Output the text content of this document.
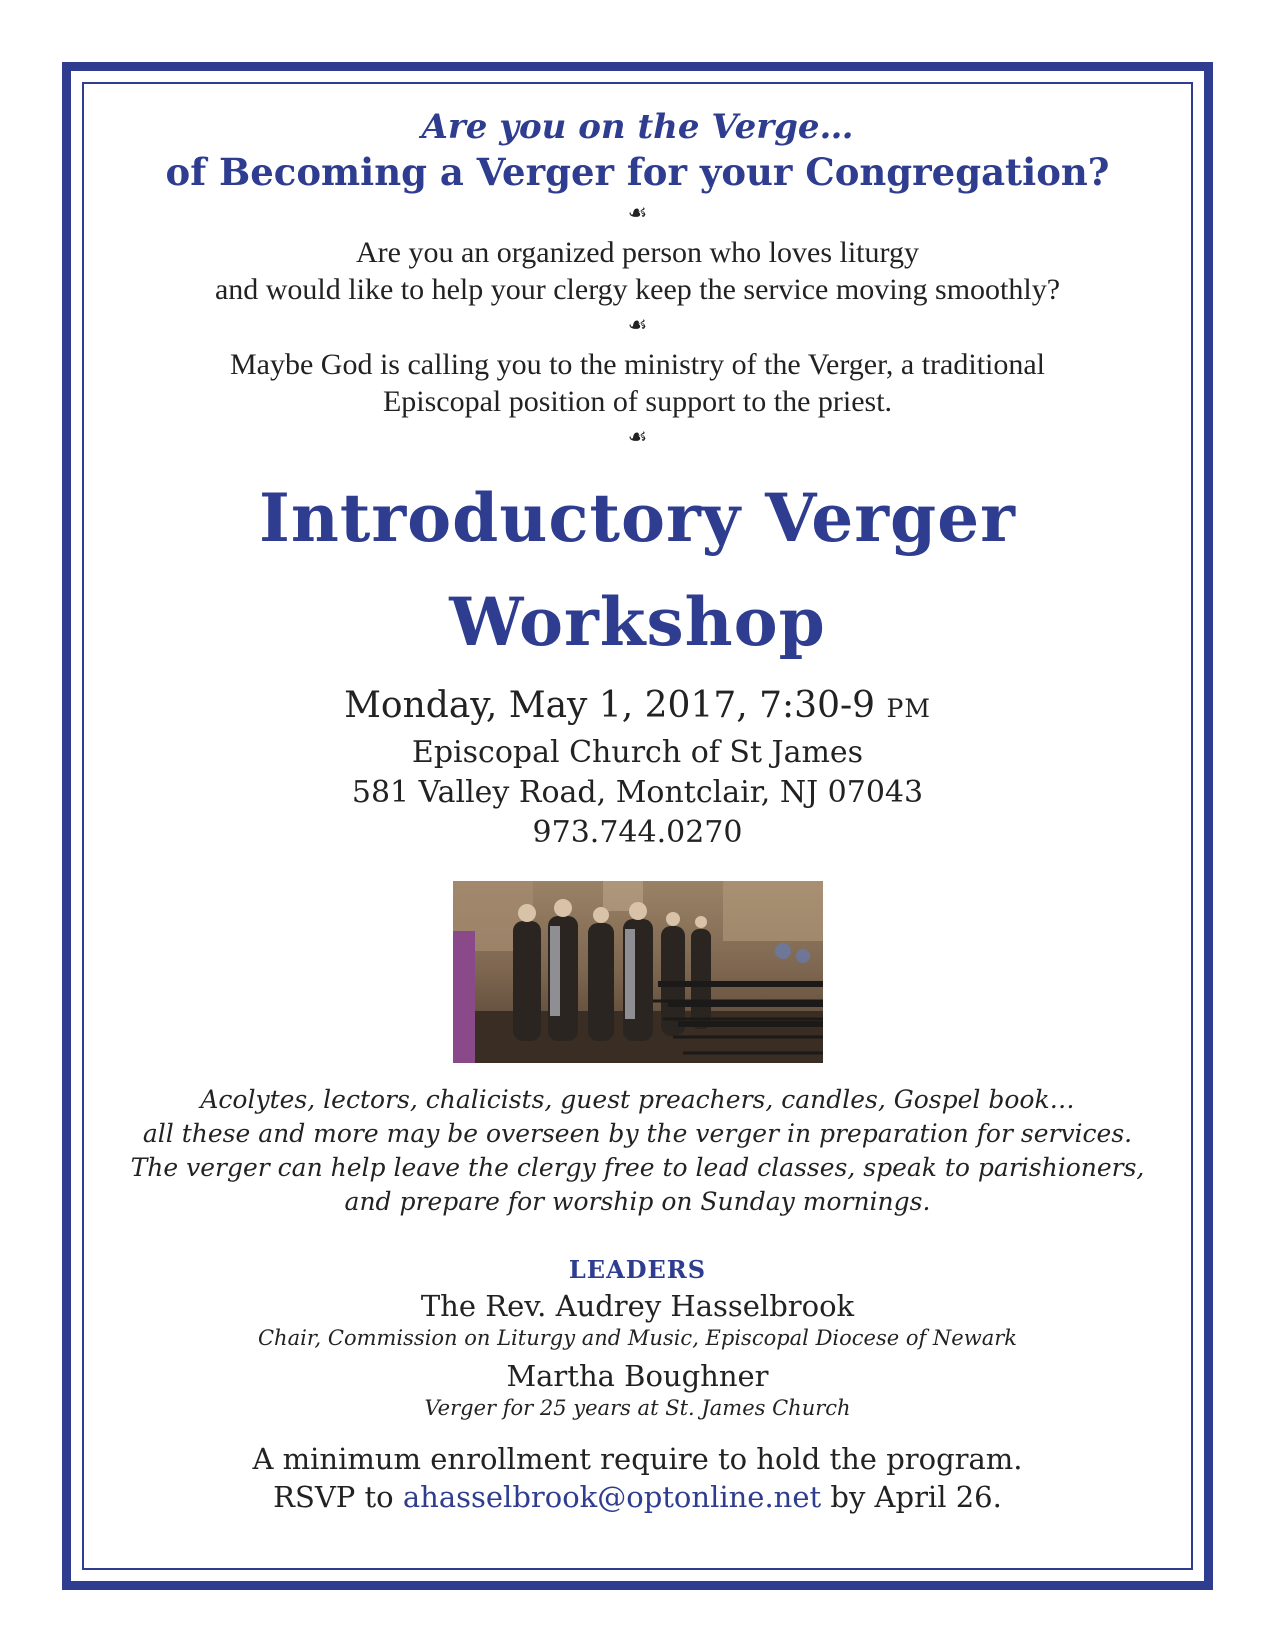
Are you on the Verge…

of Becoming a Verger for your Congregation?

☙

Are you an organized person who loves liturgy

and would like to help your clergy keep the service moving smoothly?

☙

Maybe God is calling you to the ministry of the Verger, a traditional

Episcopal position of support to the priest.

☙

Introductory Verger
Workshop

Monday, May 1, 2017, 7:30-9 PM

Episcopal Church of St James

581 Valley Road, Montclair, NJ 07043

973.744.0270

Acolytes, lectors, chalicists, guest preachers, candles, Gospel book…

all these and more may be overseen by the verger in preparation for services.

The verger can help leave the clergy free to lead classes, speak to parishioners,

and prepare for worship on Sunday mornings.

LEADERS

The Rev. Audrey Hasselbrook

Chair, Commission on Liturgy and Music, Episcopal Diocese of Newark

Martha Boughner

Verger for 25 years at St. James Church

A minimum enrollment require to hold the program.

RSVP to ahasselbrook@optonline.net by April 26.
